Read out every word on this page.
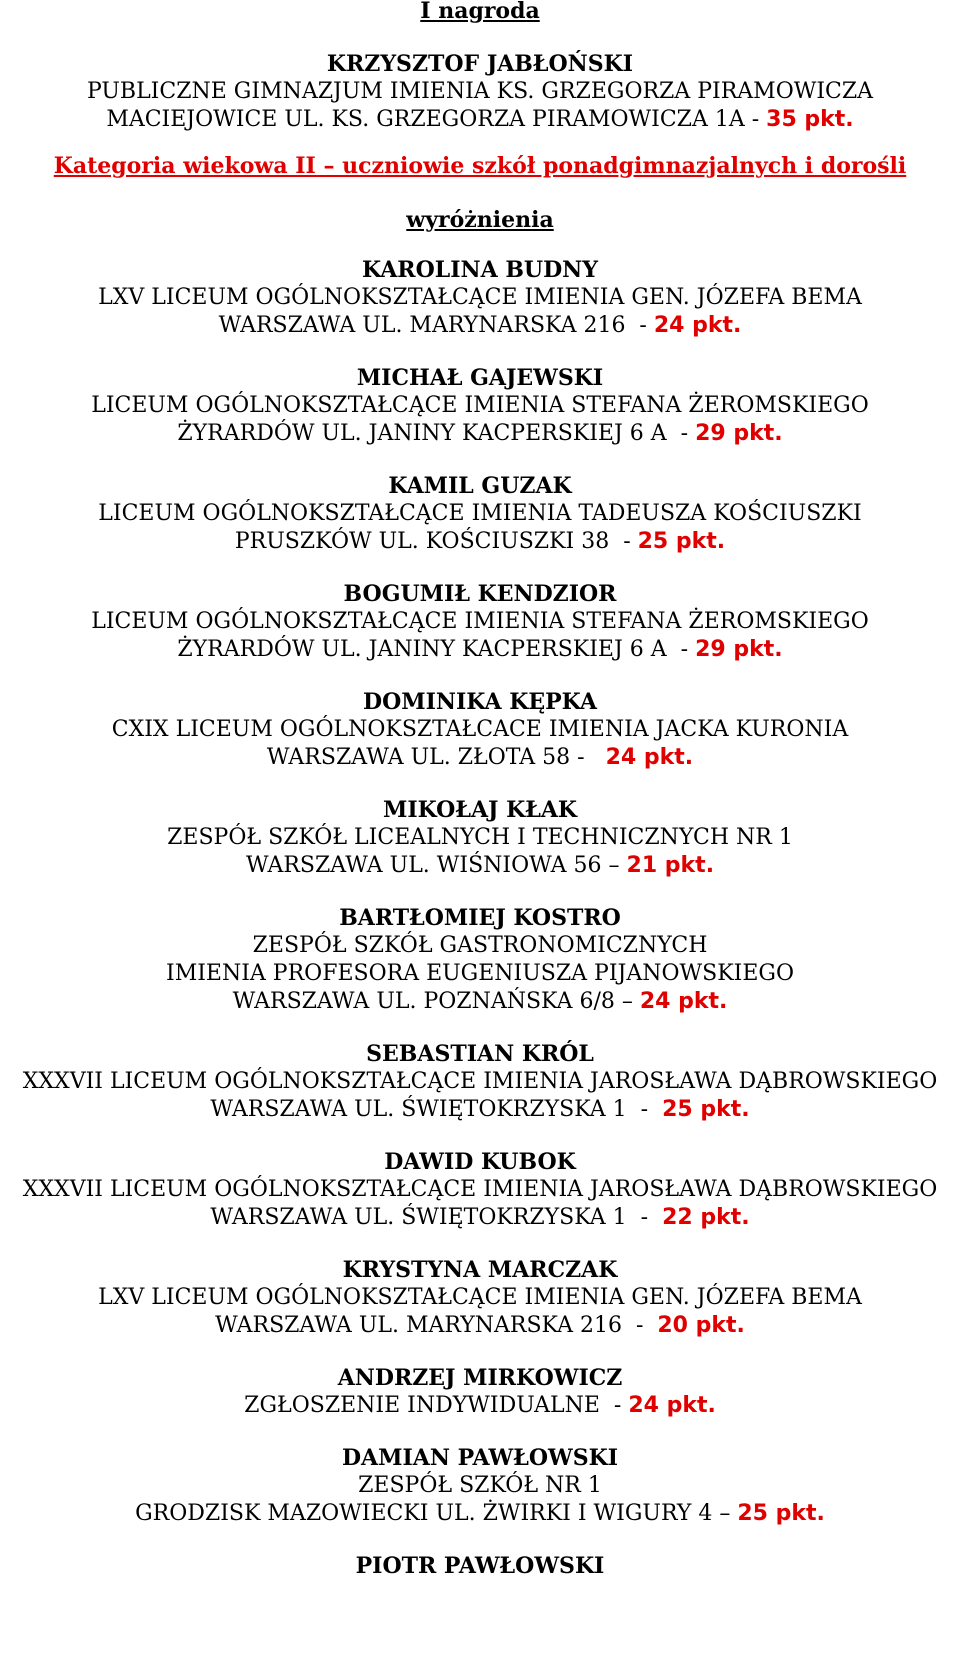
I nagroda
KRZYSZTOF JABŁOŃSKI
PUBLICZNE GIMNAZJUM IMIENIA KS. GRZEGORZA PIRAMOWICZA
MACIEJOWICE UL. KS. GRZEGORZA PIRAMOWICZA 1A - 35 pkt.
Kategoria wiekowa II – uczniowie szkół ponadgimnazjalnych i dorośli
wyróżnienia
KAROLINA BUDNY
LXV LICEUM OGÓLNOKSZTAŁCĄCE IMIENIA GEN. JÓZEFA BEMA
WARSZAWA UL. MARYNARSKA 216  - 24 pkt.
MICHAŁ GAJEWSKI
LICEUM OGÓLNOKSZTAŁCĄCE IMIENIA STEFANA ŻEROMSKIEGO
ŻYRARDÓW UL. JANINY KACPERSKIEJ 6 A  - 29 pkt.
KAMIL GUZAK
LICEUM OGÓLNOKSZTAŁCĄCE IMIENIA TADEUSZA KOŚCIUSZKI
PRUSZKÓW UL. KOŚCIUSZKI 38  - 25 pkt.
BOGUMIŁ KENDZIOR
LICEUM OGÓLNOKSZTAŁCĄCE IMIENIA STEFANA ŻEROMSKIEGO
ŻYRARDÓW UL. JANINY KACPERSKIEJ 6 A  - 29 pkt.
DOMINIKA KĘPKA
CXIX LICEUM OGÓLNOKSZTAŁCACE IMIENIA JACKA KURONIA
WARSZAWA UL. ZŁOTA 58 -   24 pkt.
MIKOŁAJ KŁAK
ZESPÓŁ SZKÓŁ LICEALNYCH I TECHNICZNYCH NR 1
WARSZAWA UL. WIŚNIOWA 56 – 21 pkt.
BARTŁOMIEJ KOSTRO
ZESPÓŁ SZKÓŁ GASTRONOMICZNYCH
IMIENIA PROFESORA EUGENIUSZA PIJANOWSKIEGO
WARSZAWA UL. POZNAŃSKA 6/8 – 24 pkt.
SEBASTIAN KRÓL
XXXVII LICEUM OGÓLNOKSZTAŁCĄCE IMIENIA JAROSŁAWA DĄBROWSKIEGO
WARSZAWA UL. ŚWIĘTOKRZYSKA 1  -  25 pkt.
DAWID KUBOK
XXXVII LICEUM OGÓLNOKSZTAŁCĄCE IMIENIA JAROSŁAWA DĄBROWSKIEGO
WARSZAWA UL. ŚWIĘTOKRZYSKA 1  -  22 pkt.
KRYSTYNA MARCZAK
LXV LICEUM OGÓLNOKSZTAŁCĄCE IMIENIA GEN. JÓZEFA BEMA
WARSZAWA UL. MARYNARSKA 216  -  20 pkt.
ANDRZEJ MIRKOWICZ
ZGŁOSZENIE INDYWIDUALNE  - 24 pkt.
DAMIAN PAWŁOWSKI
ZESPÓŁ SZKÓŁ NR 1
GRODZISK MAZOWIECKI UL. ŻWIRKI I WIGURY 4 – 25 pkt.
PIOTR PAWŁOWSKI
